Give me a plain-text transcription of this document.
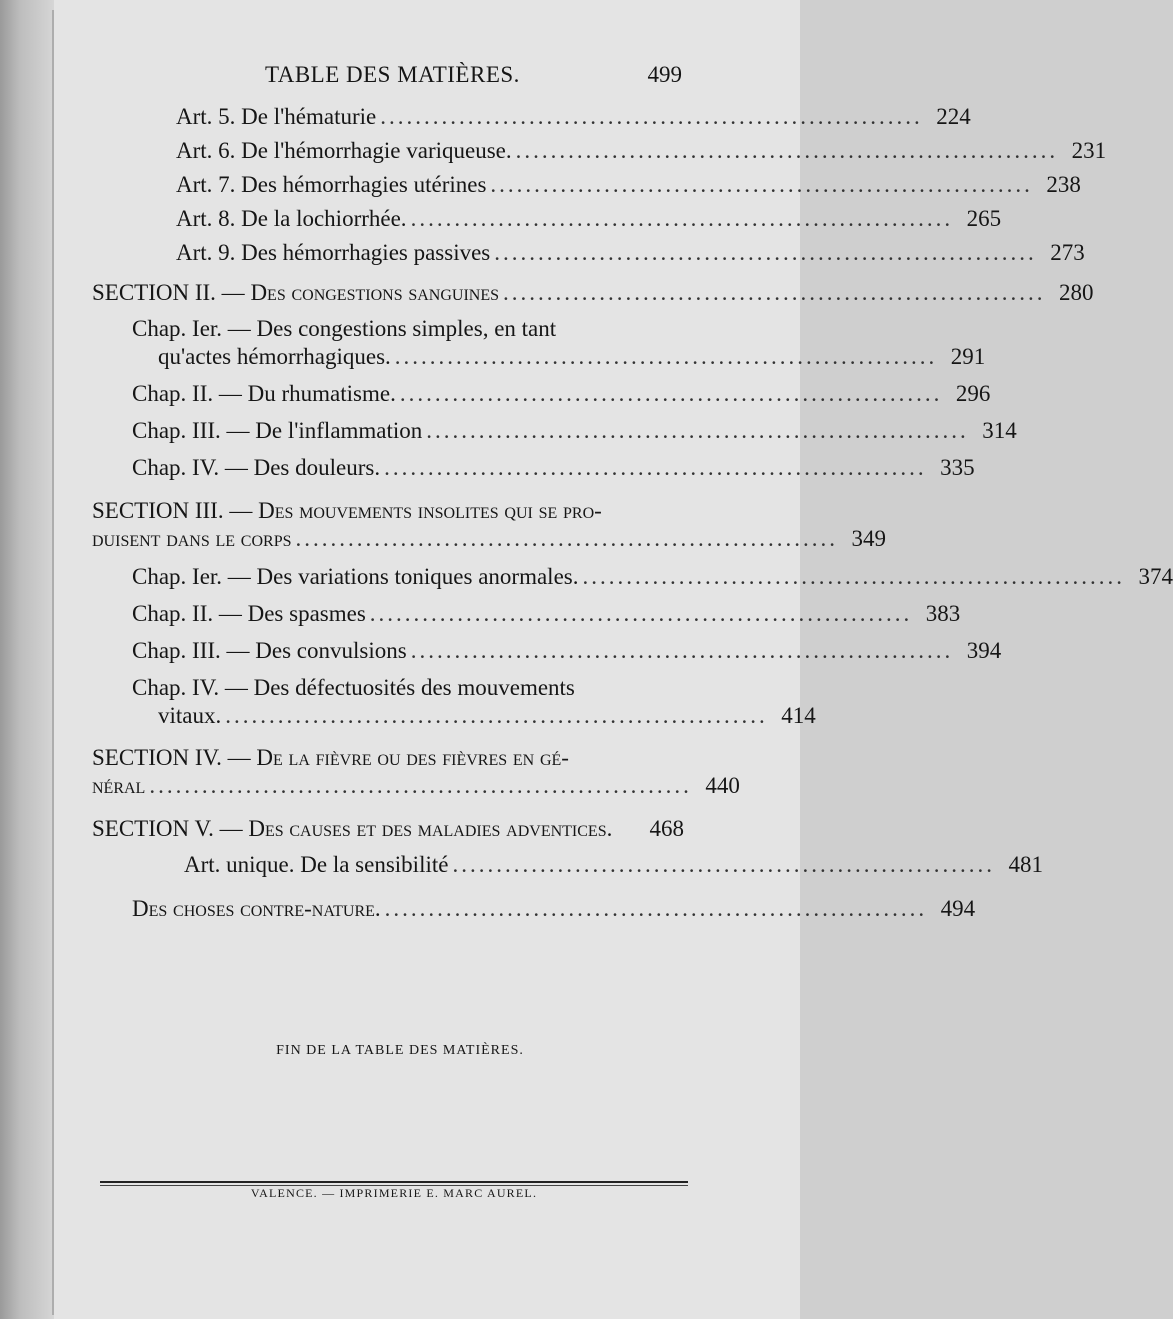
TABLE DES MATIÈRES.	499
Art. 5. De l'hématurie .............................................................. 224
Art. 6. De l'hémorrhagie variqueuse. .............................................................. 231
Art. 7. Des hémorrhagies utérines .............................................................. 238
Art. 8. De la lochiorrhée. .............................................................. 265
Art. 9. Des hémorrhagies passives .............................................................. 273
SECTION II. — Des congestions sanguines .............................................................. 280
Chap. Ier. — Des congestions simples, en tant
qu'actes hémorrhagiques. .............................................................. 291
Chap. II. — Du rhumatisme. .............................................................. 296
Chap. III. — De l'inflammation .............................................................. 314
Chap. IV. — Des douleurs. .............................................................. 335
SECTION III. — Des mouvements insolites qui se pro-
duisent dans le corps .............................................................. 349
Chap. Ier. — Des variations toniques anormales. .............................................................. 374
Chap. II. — Des spasmes .............................................................. 383
Chap. III. — Des convulsions .............................................................. 394
Chap. IV. — Des défectuosités des mouvements
vitaux. .............................................................. 414
SECTION IV. — De la fièvre ou des fièvres en gé-
néral .............................................................. 440
SECTION V. — Des causes et des maladies adventices.	468
Art. unique. De la sensibilité .............................................................. 481
Des choses contre-nature. .............................................................. 494
FIN DE LA TABLE DES MATIÈRES.
VALENCE. — IMPRIMERIE E. MARC AUREL.
